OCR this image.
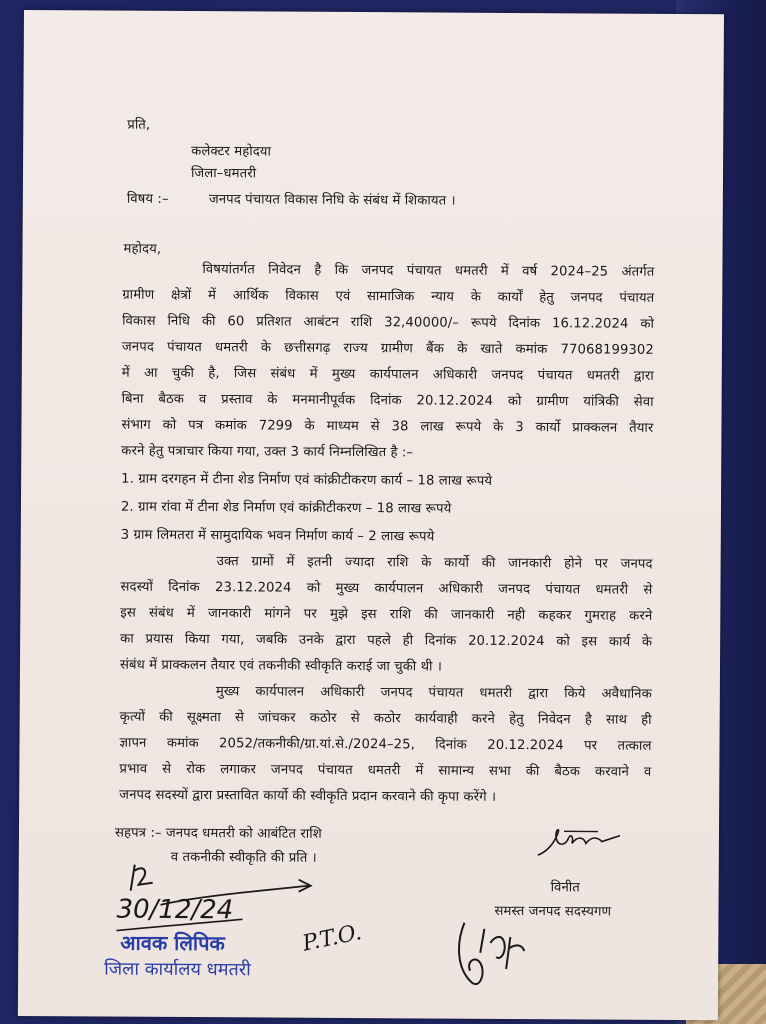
प्रति,
कलेक्टर महोदया
जिला–धमतरी
विषय :–	जनपद पंचायत विकास निधि के संबंध में शिकायत ।
महोदय,
विषयांतर्गत निवेदन है कि जनपद पंचायत धमतरी में वर्ष 2024–25 अंतर्गत
ग्रामीण क्षेत्रों में आर्थिक विकास एवं सामाजिक न्याय के कार्यों हेतु जनपद पंचायत
विकास निधि की 60 प्रतिशत आबंटन राशि 32,40000/– रूपये दिनांक 16.12.2024 को
जनपद पंचायत धमतरी के छत्तीसगढ़ राज्य ग्रामीण बैंक के खाते कमांक 77068199302
में आ चुकी है, जिस संबंध में मुख्य कार्यपालन अधिकारी जनपद पंचायत धमतरी द्वारा
बिना बैठक व प्रस्ताव के मनमानीपूर्वक दिनांक 20.12.2024 को ग्रामीण यांत्रिकी सेवा
संभाग को पत्र कमांक 7299 के माध्यम से 38 लाख रूपये के 3 कार्यो प्राक्कलन तैयार
करने हेतु पत्राचार किया गया, उक्त 3 कार्य निम्नलिखित है :–
1. ग्राम दरगहन में टीना शेड निर्माण एवं कांक्रीटीकरण कार्य – 18 लाख रूपये
2. ग्राम रांवा में टीना शेड निर्माण एवं कांक्रीटीकरण – 18 लाख रूपये
3 ग्राम लिमतरा में सामुदायिक भवन निर्माण कार्य – 2 लाख रूपये
उक्त ग्रामों में इतनी ज्यादा राशि के कार्यो की जानकारी होने पर जनपद
सदस्यों दिनांक 23.12.2024 को मुख्य कार्यपालन अधिकारी जनपद पंचायत धमतरी से
इस संबंध में जानकारी मांगने पर मुझे इस राशि की जानकारी नही कहकर गुमराह करने
का प्रयास किया गया, जबकि उनके द्वारा पहले ही दिनांक 20.12.2024 को इस कार्य के
संबंध में प्राक्कलन तैयार एवं तकनीकी स्वीकृति कराई जा चुकी थी ।
मुख्य कार्यपालन अधिकारी जनपद पंचायत धमतरी द्वारा किये अवैधानिक
कृत्यों की सूक्ष्मता से जांचकर कठोर से कठोर कार्यवाही करने हेतु निवेदन है साथ ही
ज्ञापन कमांक 2052/तकनीकी/ग्रा.यां.से./2024–25, दिनांक 20.12.2024 पर तत्काल
प्रभाव से रोक लगाकर जनपद पंचायत धमतरी में सामान्य सभा की बैठक करवाने व
जनपद सदस्यों द्वारा प्रस्तावित कार्यो की स्वीकृति प्रदान करवाने की कृपा करेंगे ।
सहपत्र :– जनपद धमतरी को आबंटित राशि
व तकनीकी स्वीकृति की प्रति ।
विनीत
समस्त जनपद सदस्यगण
30/12/24
आवक लिपिक
जिला कार्यालय धमतरी
P.T.O.
